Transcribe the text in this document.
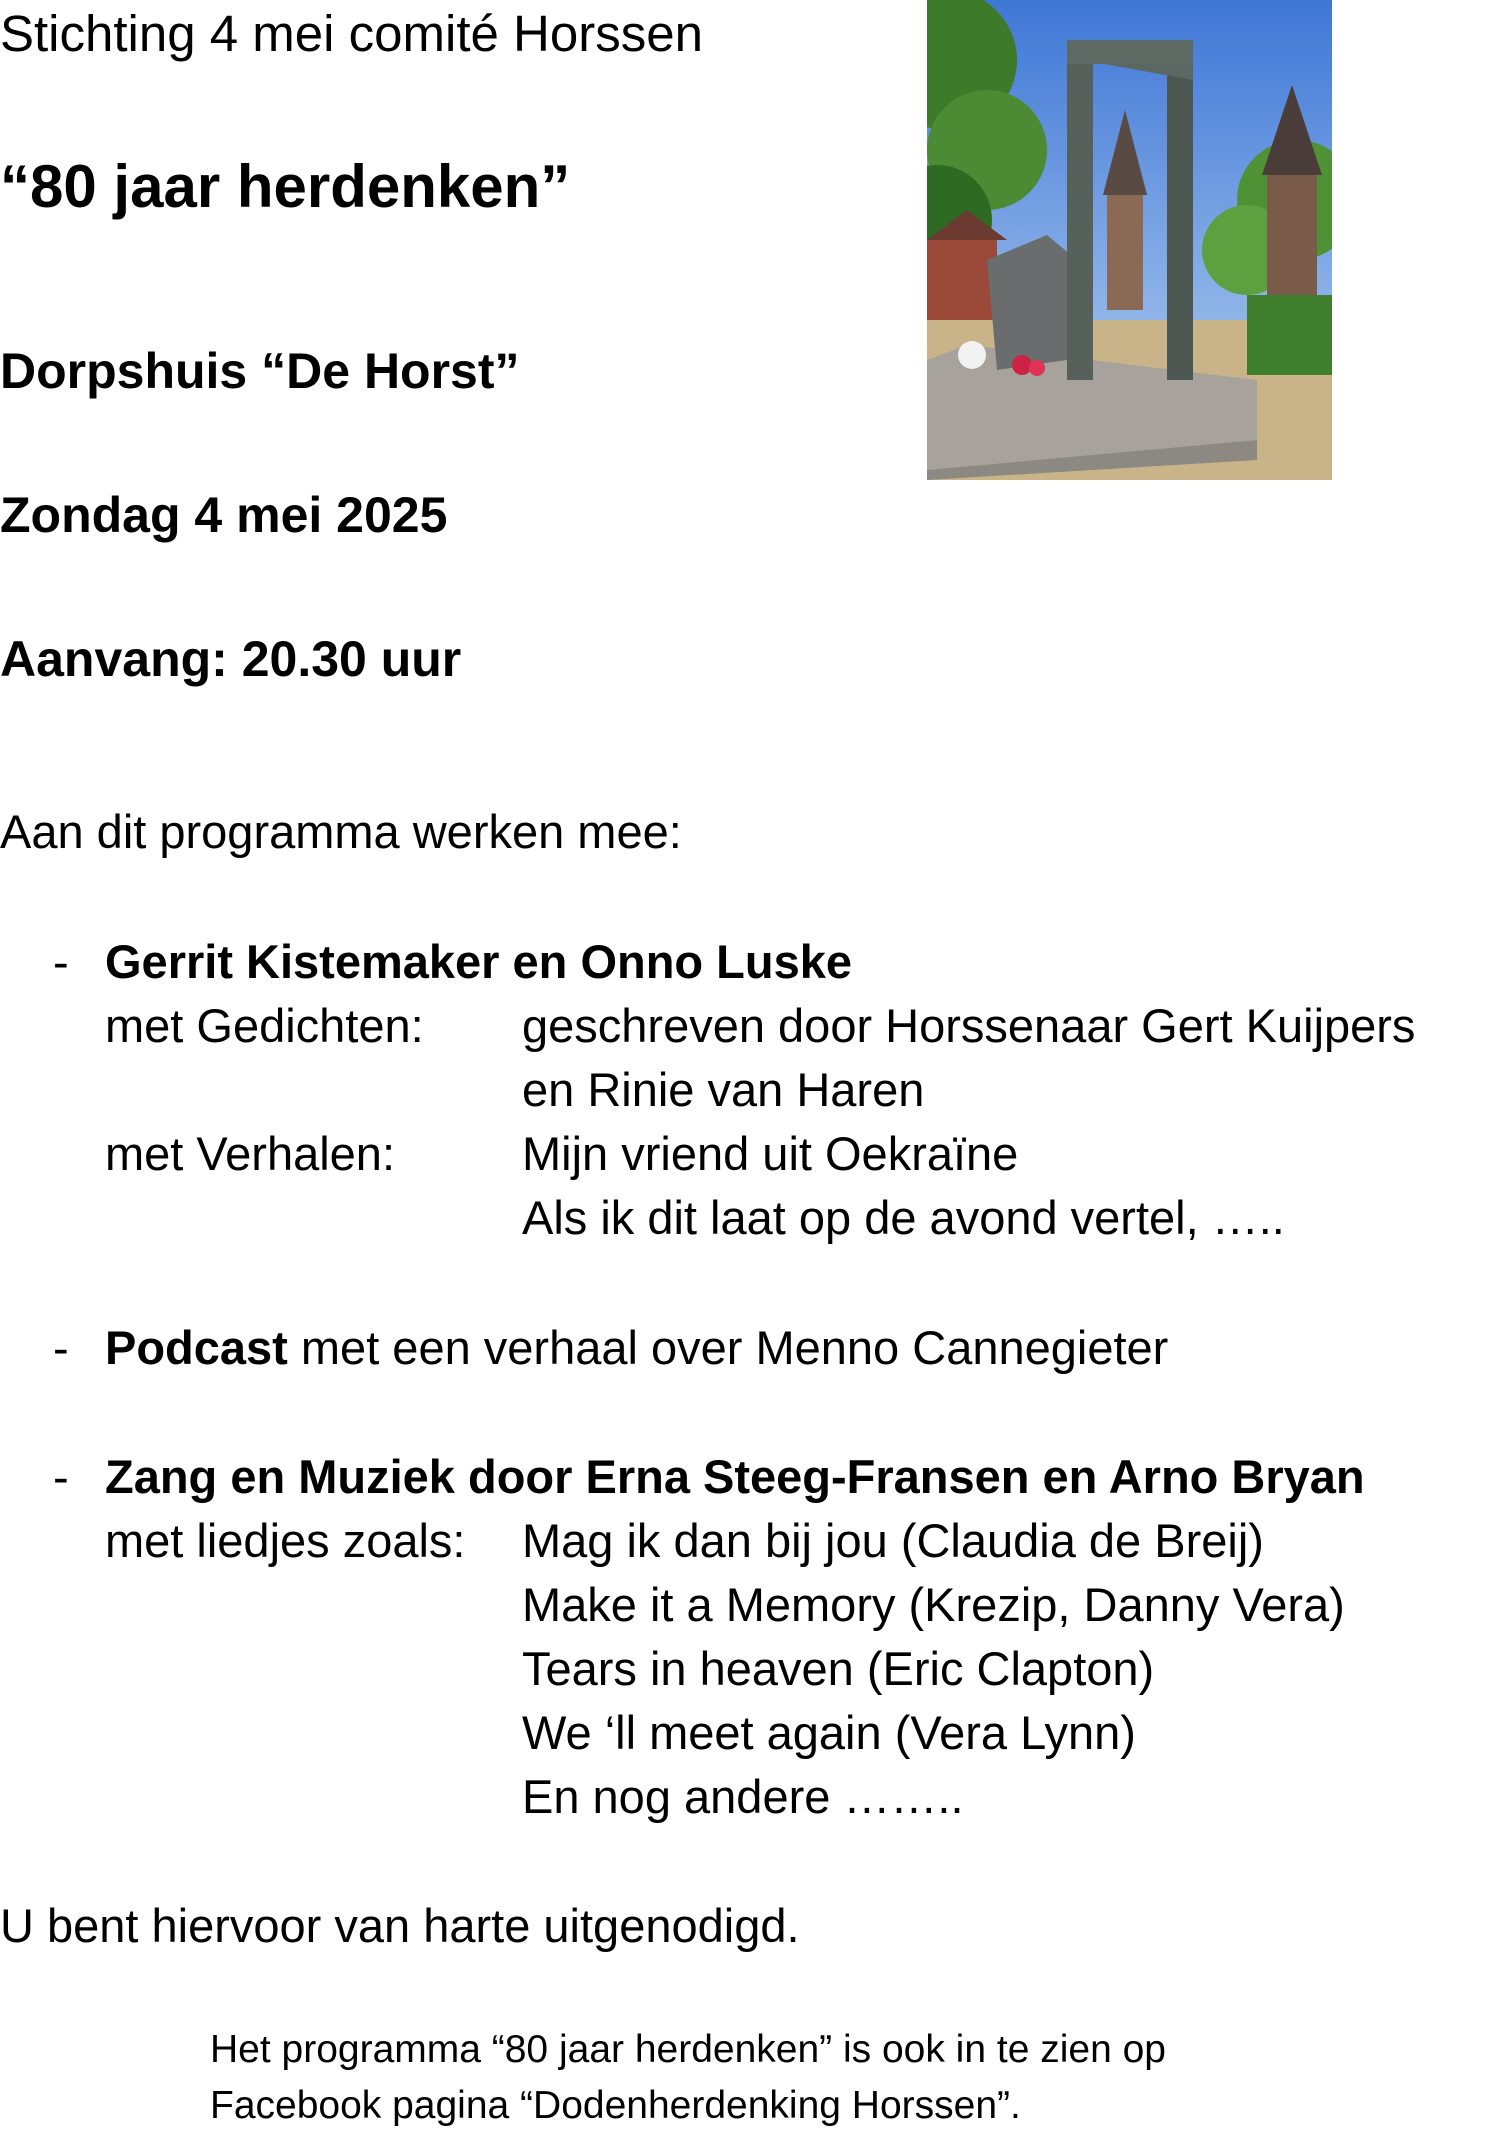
Stichting 4 mei comité Horssen
“80 jaar herdenken”
Dorpshuis “De Horst”
Zondag 4 mei 2025
Aanvang: 20.30 uur
Aan dit programma werken mee:
- Gerrit Kistemaker en Onno Luske
met Gedichten: geschreven door Horssenaar Gert Kuijpers
en Rinie van Haren
met Verhalen:	Mijn vriend uit Oekraïne
Als ik dit laat op de avond vertel, …..
- Podcast met een verhaal over Menno Cannegieter
- Zang en Muziek door Erna Steeg-Fransen en Arno Bryan
met liedjes zoals: Mag ik dan bij jou (Claudia de Breij)
Make it a Memory (Krezip, Danny Vera)
Tears in heaven (Eric Clapton)
We ‘ll meet again (Vera Lynn)
En nog andere ……..
U bent hiervoor van harte uitgenodigd.
Het programma “80 jaar herdenken” is ook in te zien op
Facebook pagina “Dodenherdenking Horssen”.
